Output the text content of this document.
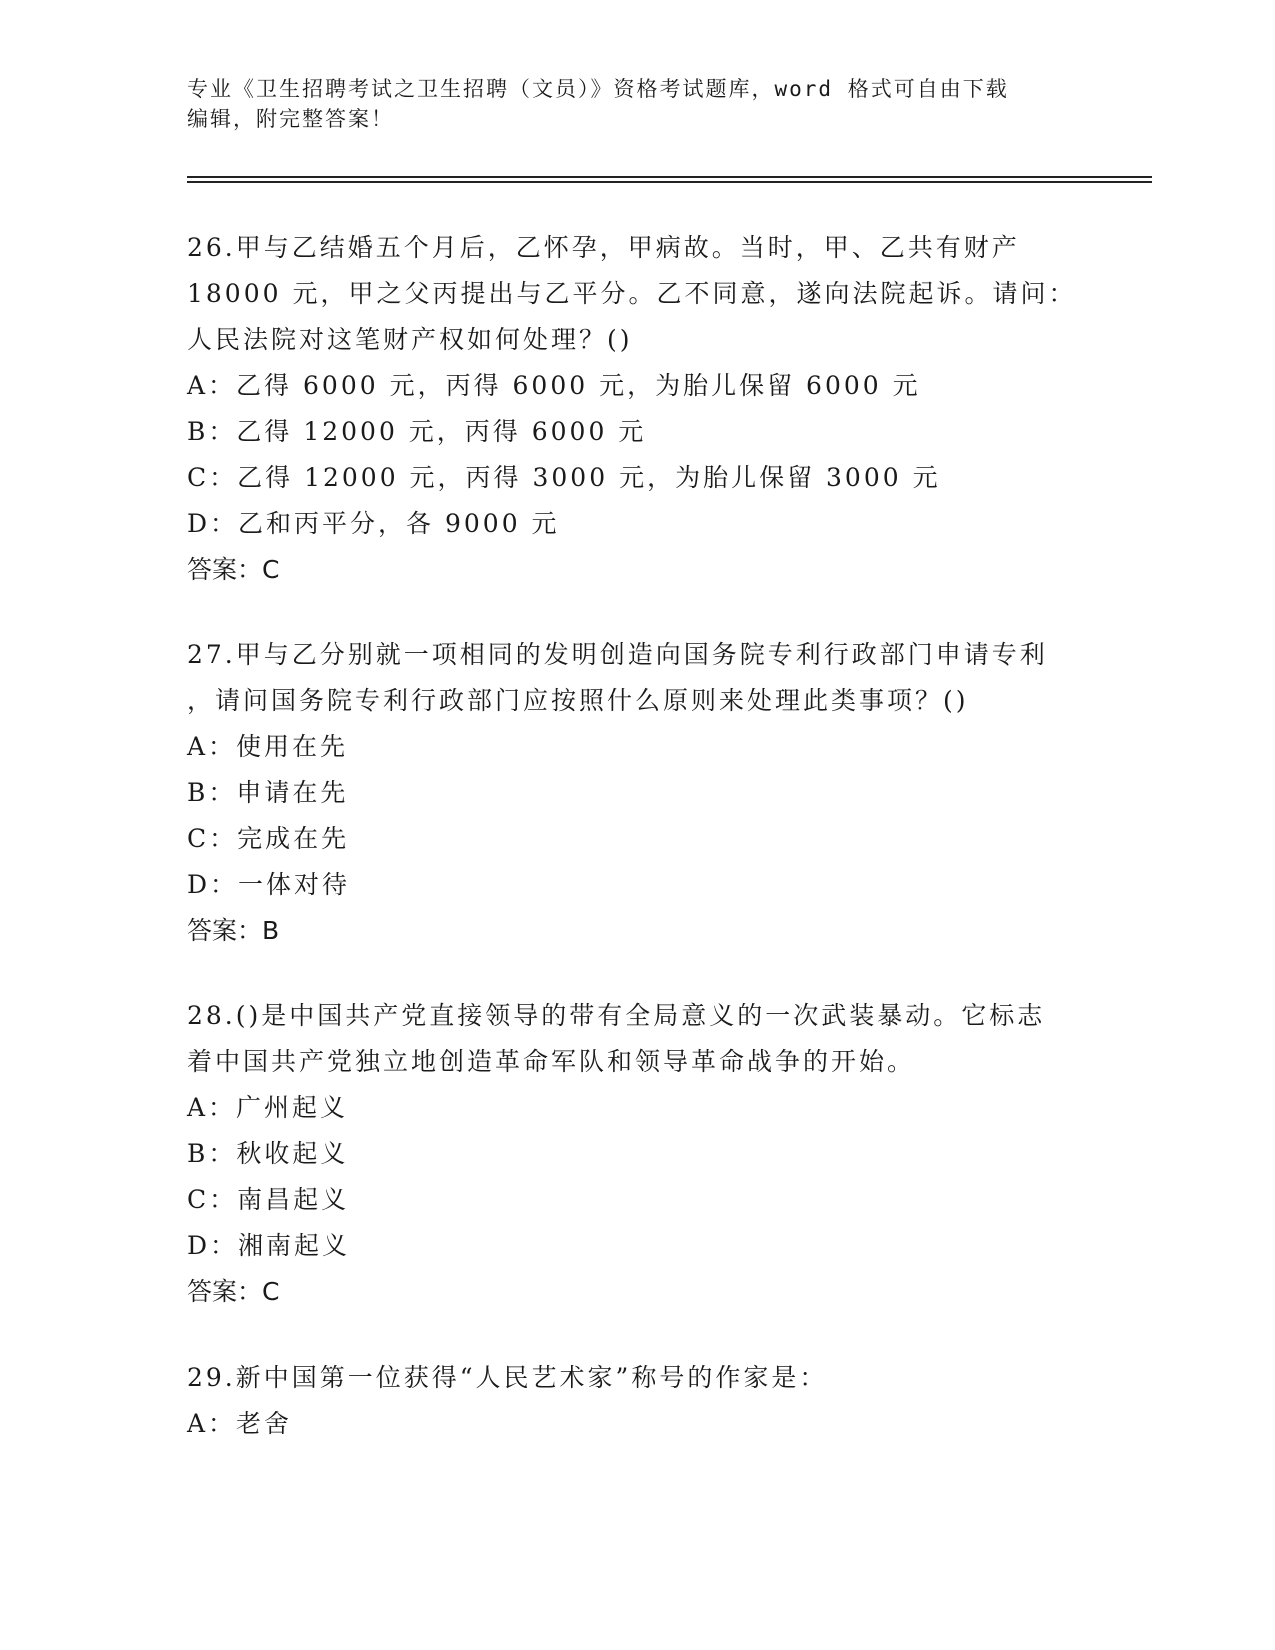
专业《卫生招聘考试之卫生招聘（文员）》资格考试题库，word 格式可自由下载
编辑，附完整答案！

26.甲与乙结婚五个月后，乙怀孕，甲病故。当时，甲、乙共有财产

18000 元，甲之父丙提出与乙平分。乙不同意，遂向法院起诉。请问：

人民法院对这笔财产权如何处理？()

A：乙得 6000 元，丙得 6000 元，为胎儿保留 6000 元

B：乙得 12000 元，丙得 6000 元

C：乙得 12000 元，丙得 3000 元，为胎儿保留 3000 元

D：乙和丙平分，各 9000 元

答案：C

27.甲与乙分别就一项相同的发明创造向国务院专利行政部门申请专利

，请问国务院专利行政部门应按照什么原则来处理此类事项？()

A：使用在先

B：申请在先

C：完成在先

D：一体对待

答案：B

28.()是中国共产党直接领导的带有全局意义的一次武装暴动。它标志

着中国共产党独立地创造革命军队和领导革命战争的开始。

A：广州起义

B：秋收起义

C：南昌起义

D：湘南起义

答案：C

29.新中国第一位获得“人民艺术家”称号的作家是：

A：老舍
